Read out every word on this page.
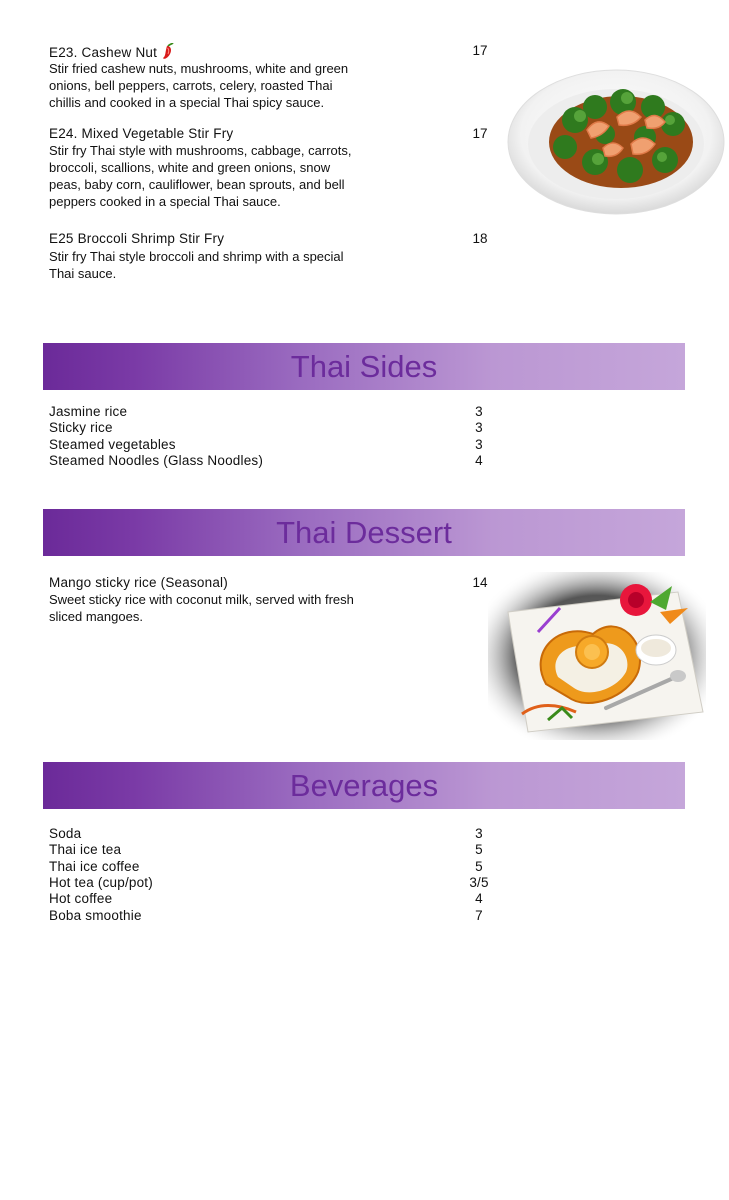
E23. Cashew Nut
Stir fried cashew nuts, mushrooms, white and green
onions, bell peppers, carrots, celery, roasted Thai
chillis and cooked in a special Thai spicy sauce.
17
E24. Mixed Vegetable Stir Fry
Stir fry Thai style with mushrooms, cabbage, carrots,
broccoli, scallions, white and green onions, snow
peas, baby corn, cauliflower, bean sprouts, and bell
peppers cooked in a special Thai sauce.
17
E25 Broccoli Shrimp Stir Fry
Stir fry Thai style broccoli and shrimp with a special
Thai sauce.
18
Thai Sides
Jasmine rice	3
Sticky rice	3
Steamed vegetables	3
Steamed Noodles (Glass Noodles)	4
Thai Dessert
Mango sticky rice (Seasonal)
Sweet sticky rice with coconut milk, served with fresh
sliced mangoes.
14
Beverages
Soda	3
Thai ice tea	5
Thai ice coffee	5
Hot tea (cup/pot)	3/5
Hot coffee	4
Boba smoothie	7
